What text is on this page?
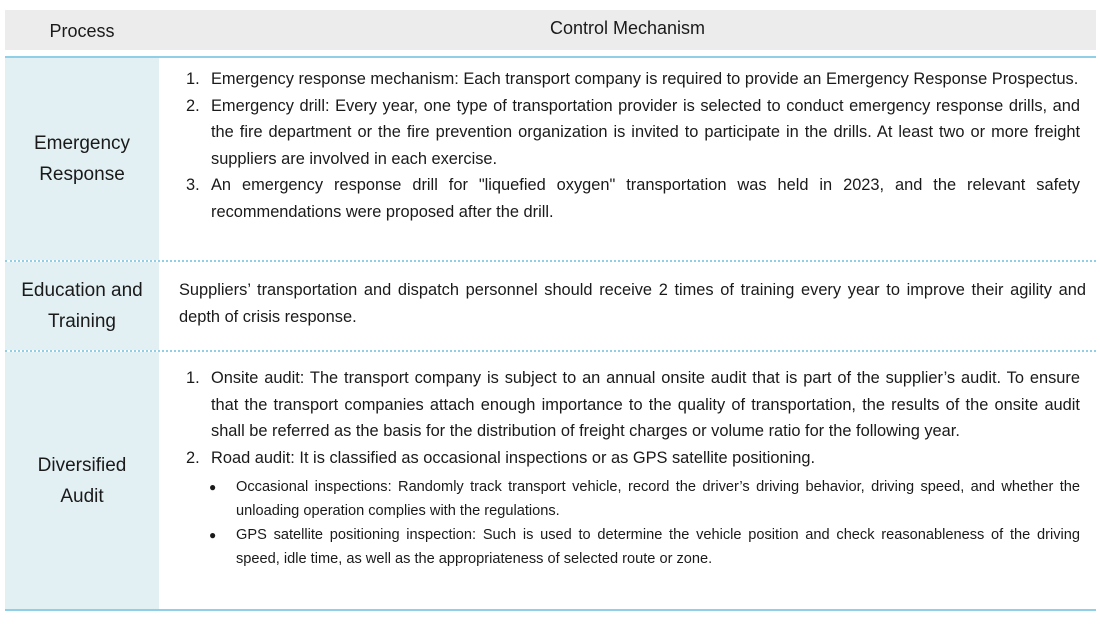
Process	Control Mechanism
Emergency
Response
1. Emergency response mechanism: Each transport company is required to provide an Emergency Response Prospectus.
2. Emergency drill: Every year, one type of transportation provider is selected to conduct emergency response drills, and the fire department or the fire prevention organization is invited to participate in the drills. At least two or more freight suppliers are involved in each exercise.
3. An emergency response drill for "liquefied oxygen" transportation was held in 2023, and the relevant safety recommendations were proposed after the drill.
Education and
Training
Suppliers’ transportation and dispatch personnel should receive 2 times of training every year to improve their agility and depth of crisis response.
Diversified
Audit
1. Onsite audit: The transport company is subject to an annual onsite audit that is part of the supplier’s audit. To ensure that the transport companies attach enough importance to the quality of transportation, the results of the onsite audit shall be referred as the basis for the distribution of freight charges or volume ratio for the following year.
2. Road audit: It is classified as occasional inspections or as GPS satellite positioning.
● Occasional inspections: Randomly track transport vehicle, record the driver’s driving behavior, driving speed, and whether the unloading operation complies with the regulations.
● GPS satellite positioning inspection: Such is used to determine the vehicle position and check reasonableness of the driving speed, idle time, as well as the appropriateness of selected route or zone.
